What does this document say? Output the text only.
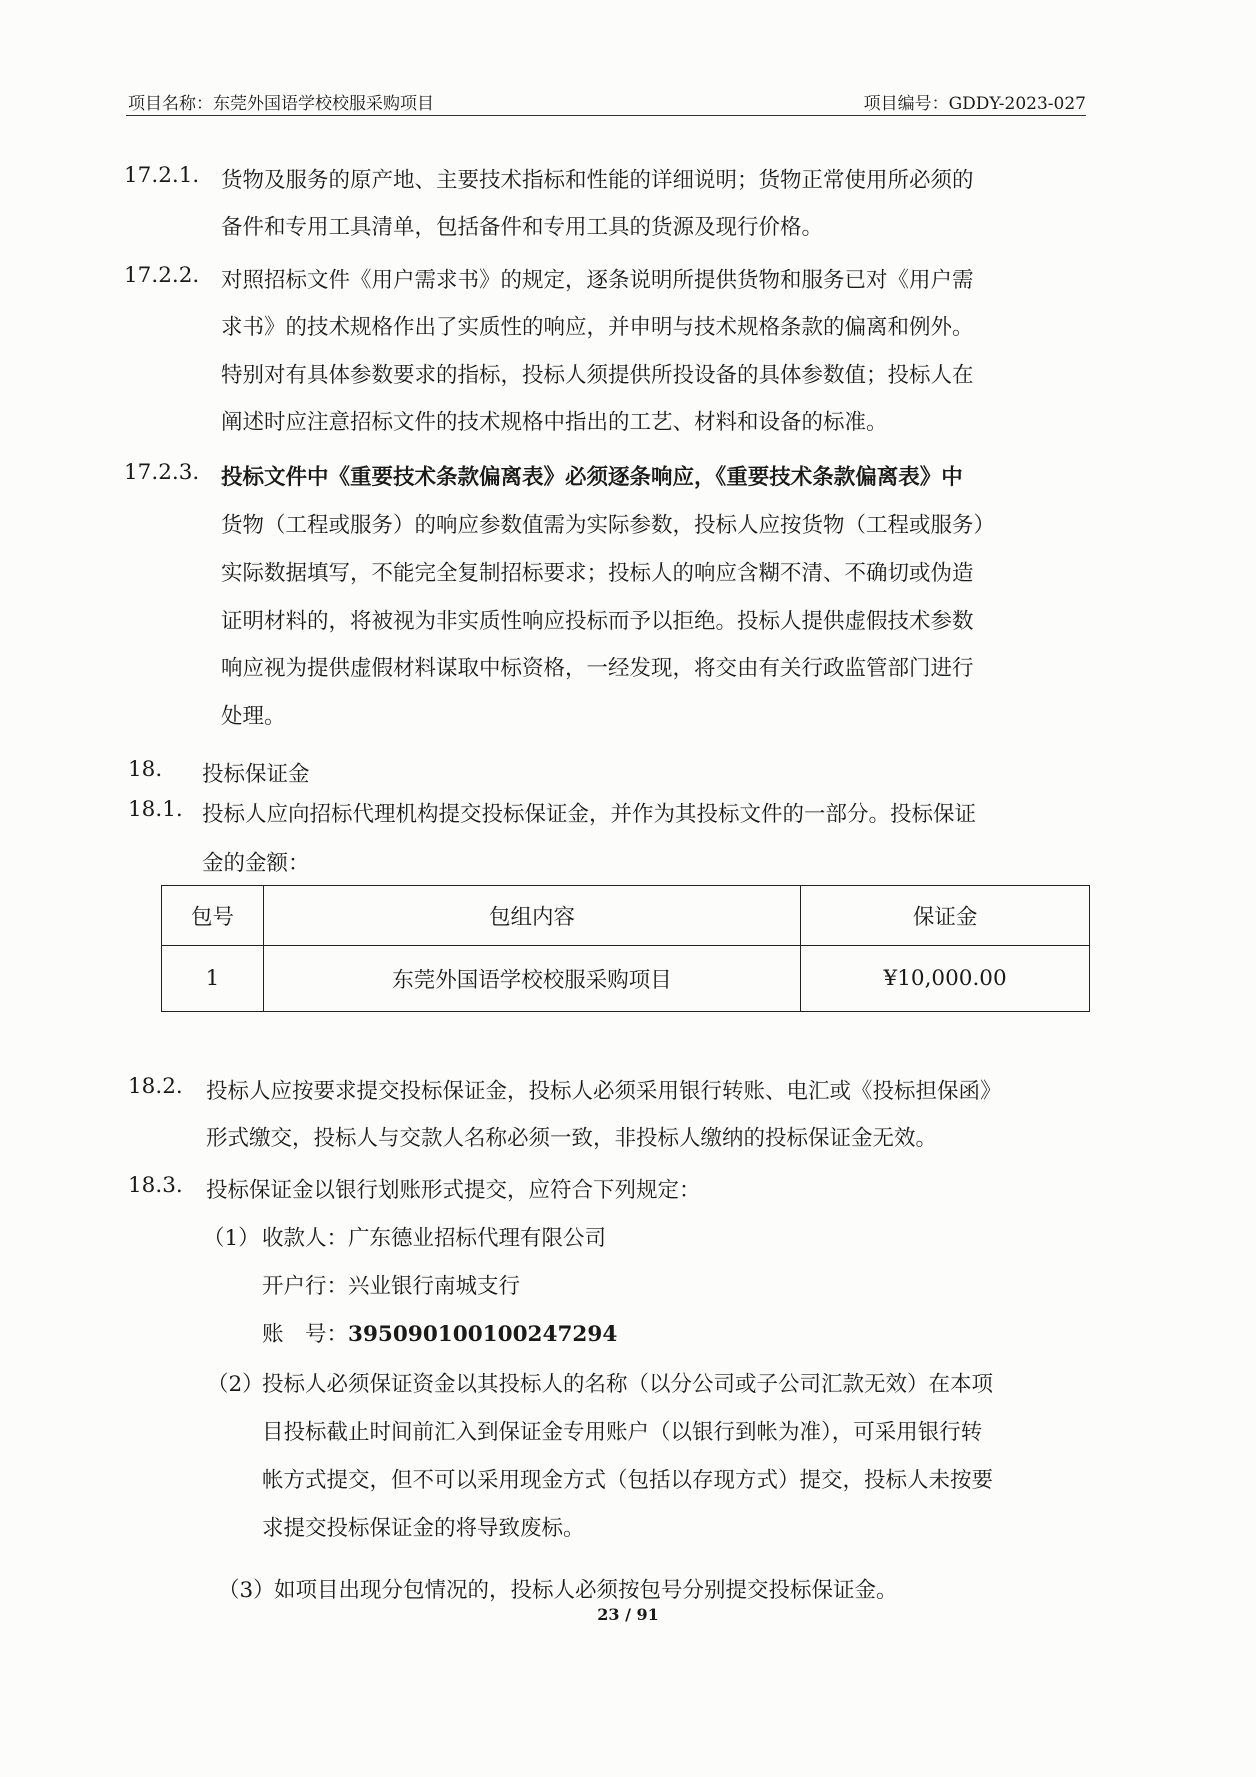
项目名称：东莞外国语学校校服采购项目	项目编号：GDDY-2023-027
17.2.1. 货物及服务的原产地、主要技术指标和性能的详细说明；货物正常使用所必须的
备件和专用工具清单，包括备件和专用工具的货源及现行价格。
17.2.2. 对照招标文件《用户需求书》的规定，逐条说明所提供货物和服务已对《用户需
求书》的技术规格作出了实质性的响应，并申明与技术规格条款的偏离和例外。
特别对有具体参数要求的指标，投标人须提供所投设备的具体参数值；投标人在
阐述时应注意招标文件的技术规格中指出的工艺、材料和设备的标准。
17.2.3. 投标文件中《重要技术条款偏离表》必须逐条响应，《重要技术条款偏离表》中
货物（工程或服务）的响应参数值需为实际参数，投标人应按货物（工程或服务）
实际数据填写，不能完全复制招标要求；投标人的响应含糊不清、不确切或伪造
证明材料的，将被视为非实质性响应投标而予以拒绝。投标人提供虚假技术参数
响应视为提供虚假材料谋取中标资格，一经发现，将交由有关行政监管部门进行
处理。
18. 投标保证金
18.1. 投标人应向招标代理机构提交投标保证金，并作为其投标文件的一部分。投标保证
金的金额：
包号	包组内容	保证金
1	东莞外国语学校校服采购项目	¥10,000.00
18.2. 投标人应按要求提交投标保证金，投标人必须采用银行转账、电汇或《投标担保函》
形式缴交，投标人与交款人名称必须一致，非投标人缴纳的投标保证金无效。
18.3. 投标保证金以银行划账形式提交，应符合下列规定：
（1） 收款人：广东德业招标代理有限公司
开户行：兴业银行南城支行
账　号：395090100100247294
（2）
投标人必须保证资金以其投标人的名称（以分公司或子公司汇款无效）在本项
目投标截止时间前汇入到保证金专用账户（以银行到帐为准），可采用银行转
帐方式提交，但不可以采用现金方式（包括以存现方式）提交，投标人未按要
求提交投标保证金的将导致废标。
（3） 如项目出现分包情况的，投标人必须按包号分别提交投标保证金。
23 / 91
